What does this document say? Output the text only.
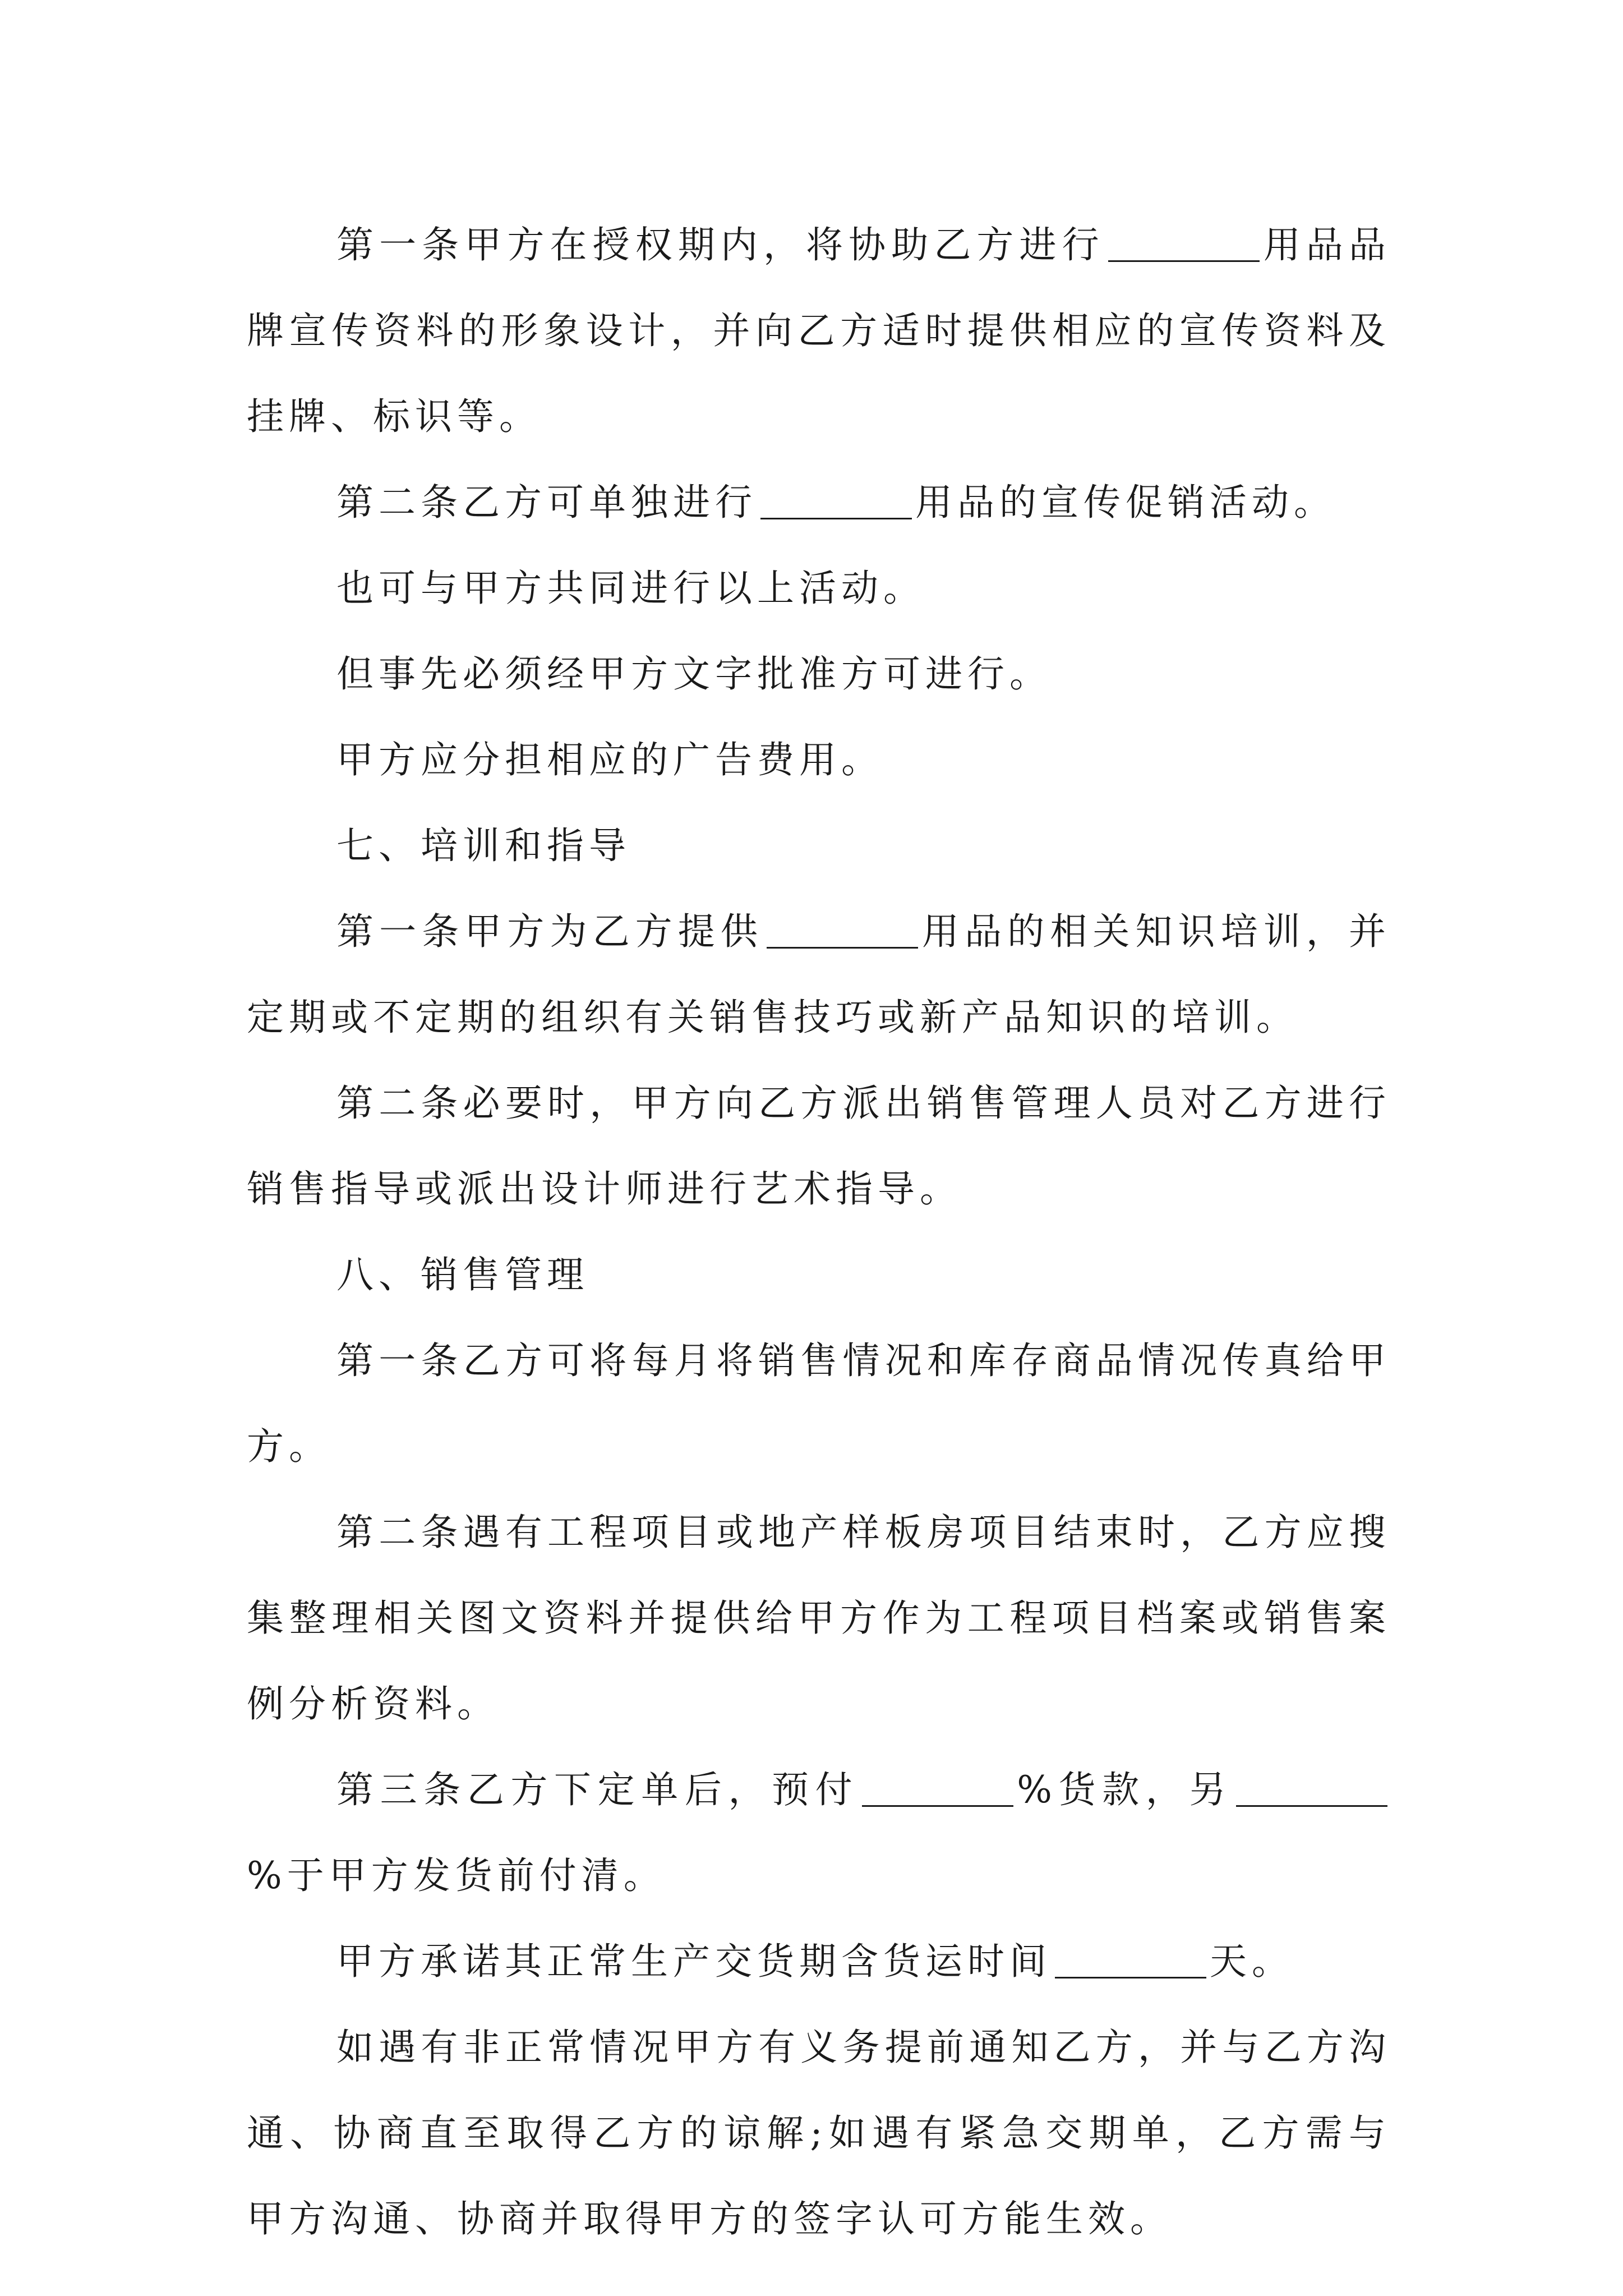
第一条甲方在授权期内，将协助乙方进行	用品品牌宣传资料的形象设计，并向乙方适时提供相应的宣传资料及挂牌、标识等。

第二条乙方可单独进行	用品的宣传促销活动。

也可与甲方共同进行以上活动。

但事先必须经甲方文字批准方可进行。

甲方应分担相应的广告费用。

七、培训和指导

第一条甲方为乙方提供	用品的相关知识培训，并定期或不定期的组织有关销售技巧或新产品知识的培训。

第二条必要时，甲方向乙方派出销售管理人员对乙方进行销售指导或派出设计师进行艺术指导。

八、销售管理

第一条乙方可将每月将销售情况和库存商品情况传真给甲方。

第二条遇有工程项目或地产样板房项目结束时，乙方应搜集整理相关图文资料并提供给甲方作为工程项目档案或销售案例分析资料。

第三条乙方下定单后，预付	%货款，另%于甲方发货前付清。

甲方承诺其正常生产交货期含货运时间	天。

如遇有非正常情况甲方有义务提前通知乙方，并与乙方沟通、协商直至取得乙方的谅解;如遇有紧急交期单，乙方需与甲方沟通、协商并取得甲方的签字认可方能生效。
